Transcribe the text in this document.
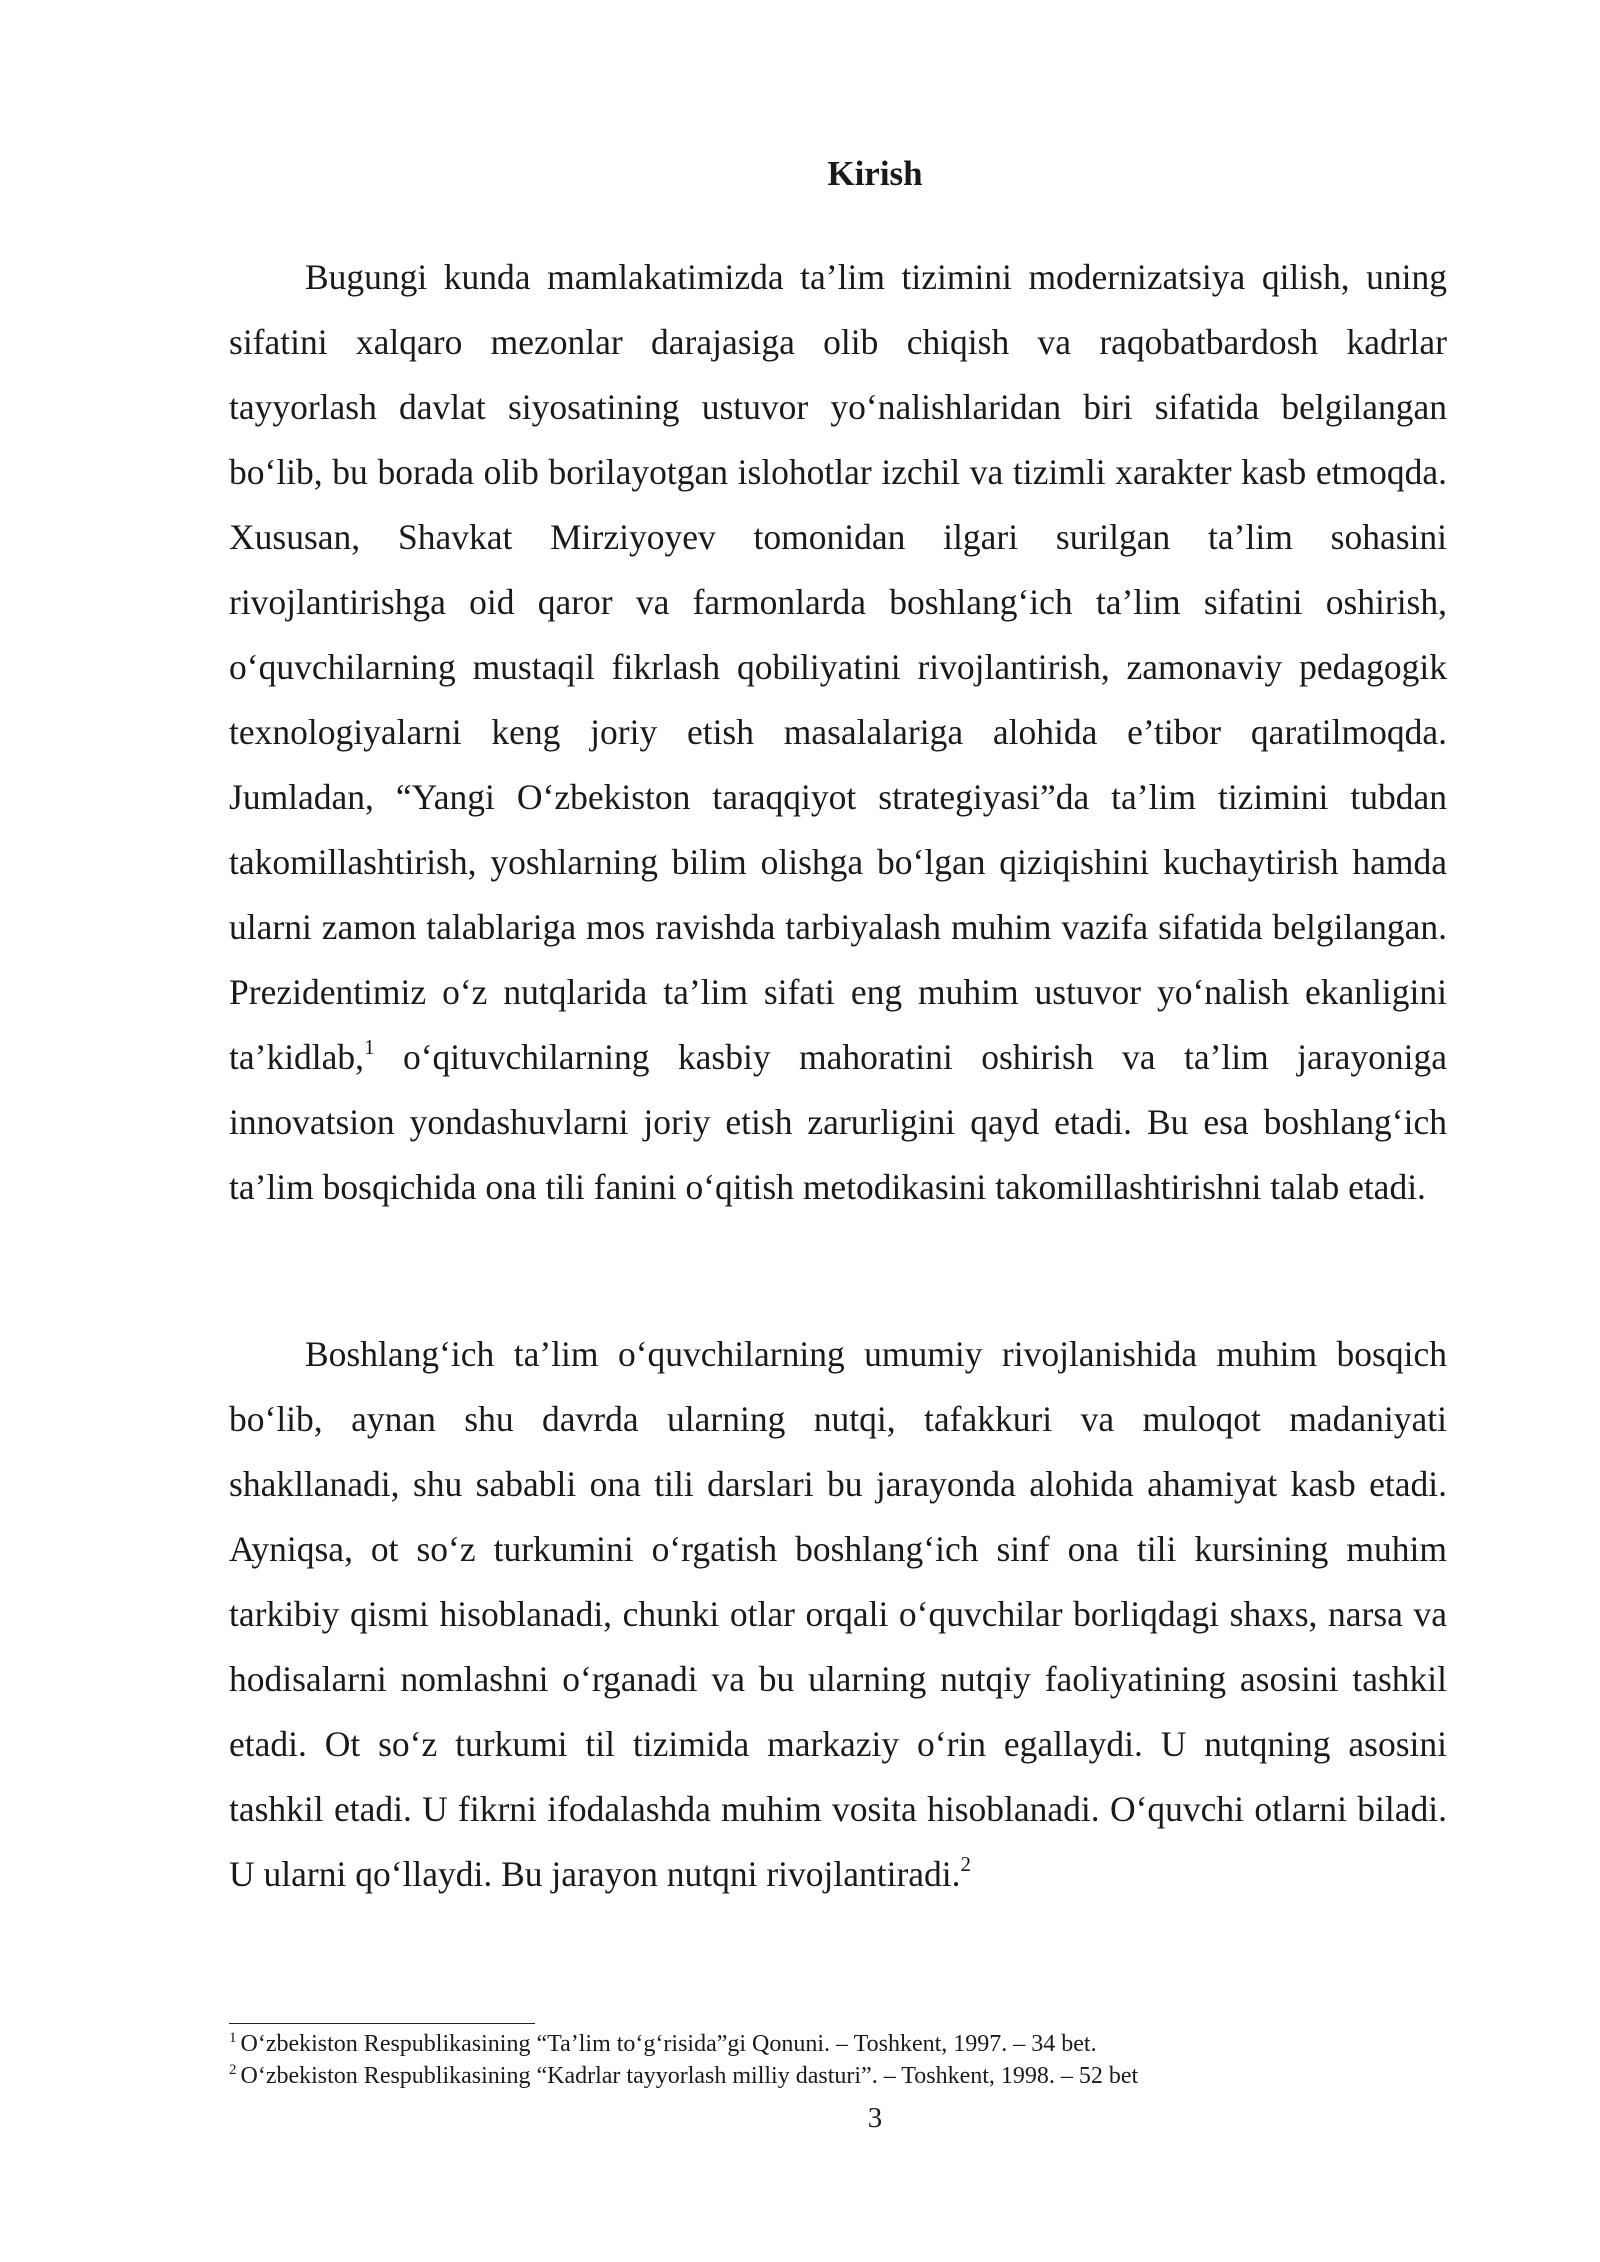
Kirish

Bugungi kunda mamlakatimizda ta’lim tizimini modernizatsiya qilish, uning sifatini xalqaro mezonlar darajasiga olib chiqish va raqobatbardosh kadrlar tayyorlash davlat siyosatining ustuvor yo‘nalishlaridan biri sifatida belgilangan bo‘lib, bu borada olib borilayotgan islohotlar izchil va tizimli xarakter kasb etmoqda. Xususan, Shavkat Mirziyoyev tomonidan ilgari surilgan ta’lim sohasini rivojlantirishga oid qaror va farmonlarda boshlang‘ich ta’lim sifatini oshirish, o‘quvchilarning mustaqil fikrlash qobiliyatini rivojlantirish, zamonaviy pedagogik texnologiyalarni keng joriy etish masalalariga alohida e’tibor qaratilmoqda. Jumladan, “Yangi O‘zbekiston taraqqiyot strategiyasi”da ta’lim tizimini tubdan takomillashtirish, yoshlarning bilim olishga bo‘lgan qiziqishini kuchaytirish hamda ularni zamon talablariga mos ravishda tarbiyalash muhim vazifa sifatida belgilangan. Prezidentimiz o‘z nutqlarida ta’lim sifati eng muhim ustuvor yo‘nalish ekanligini ta’kidlab,$^1$ o‘qituvchilarning kasbiy mahoratini oshirish va ta’lim jarayoniga innovatsion yondashuvlarni joriy etish zarurligini qayd etadi. Bu esa boshlang‘ich ta’lim bosqichida ona tili fanini o‘qitish metodikasini takomillashtirishni talab etadi.

Boshlang‘ich ta’lim o‘quvchilarning umumiy rivojlanishida muhim bosqich bo‘lib, aynan shu davrda ularning nutqi, tafakkuri va muloqot madaniyati shakllanadi, shu sababli ona tili darslari bu jarayonda alohida ahamiyat kasb etadi. Ayniqsa, ot so‘z turkumini o‘rgatish boshlang‘ich sinf ona tili kursining muhim tarkibiy qismi hisoblanadi, chunki otlar orqali o‘quvchilar borliqdagi shaxs, narsa va hodisalarni nomlashni o‘rganadi va bu ularning nutqiy faoliyatining asosini tashkil etadi. Ot so‘z turkumi til tizimida markaziy o‘rin egallaydi. U nutqning asosini tashkil etadi. U fikrni ifodalashda muhim vosita hisoblanadi. O‘quvchi otlarni biladi. U ularni qo‘llaydi. Bu jarayon nutqni rivojlantiradi.$^2$

$^1$ O‘zbekiston Respublikasining “Ta’lim to‘g‘risida”gi Qonuni. – Toshkent, 1997. – 34 bet.
$^2$ O‘zbekiston Respublikasining “Kadrlar tayyorlash milliy dasturi”. – Toshkent, 1998. – 52 bet
3
